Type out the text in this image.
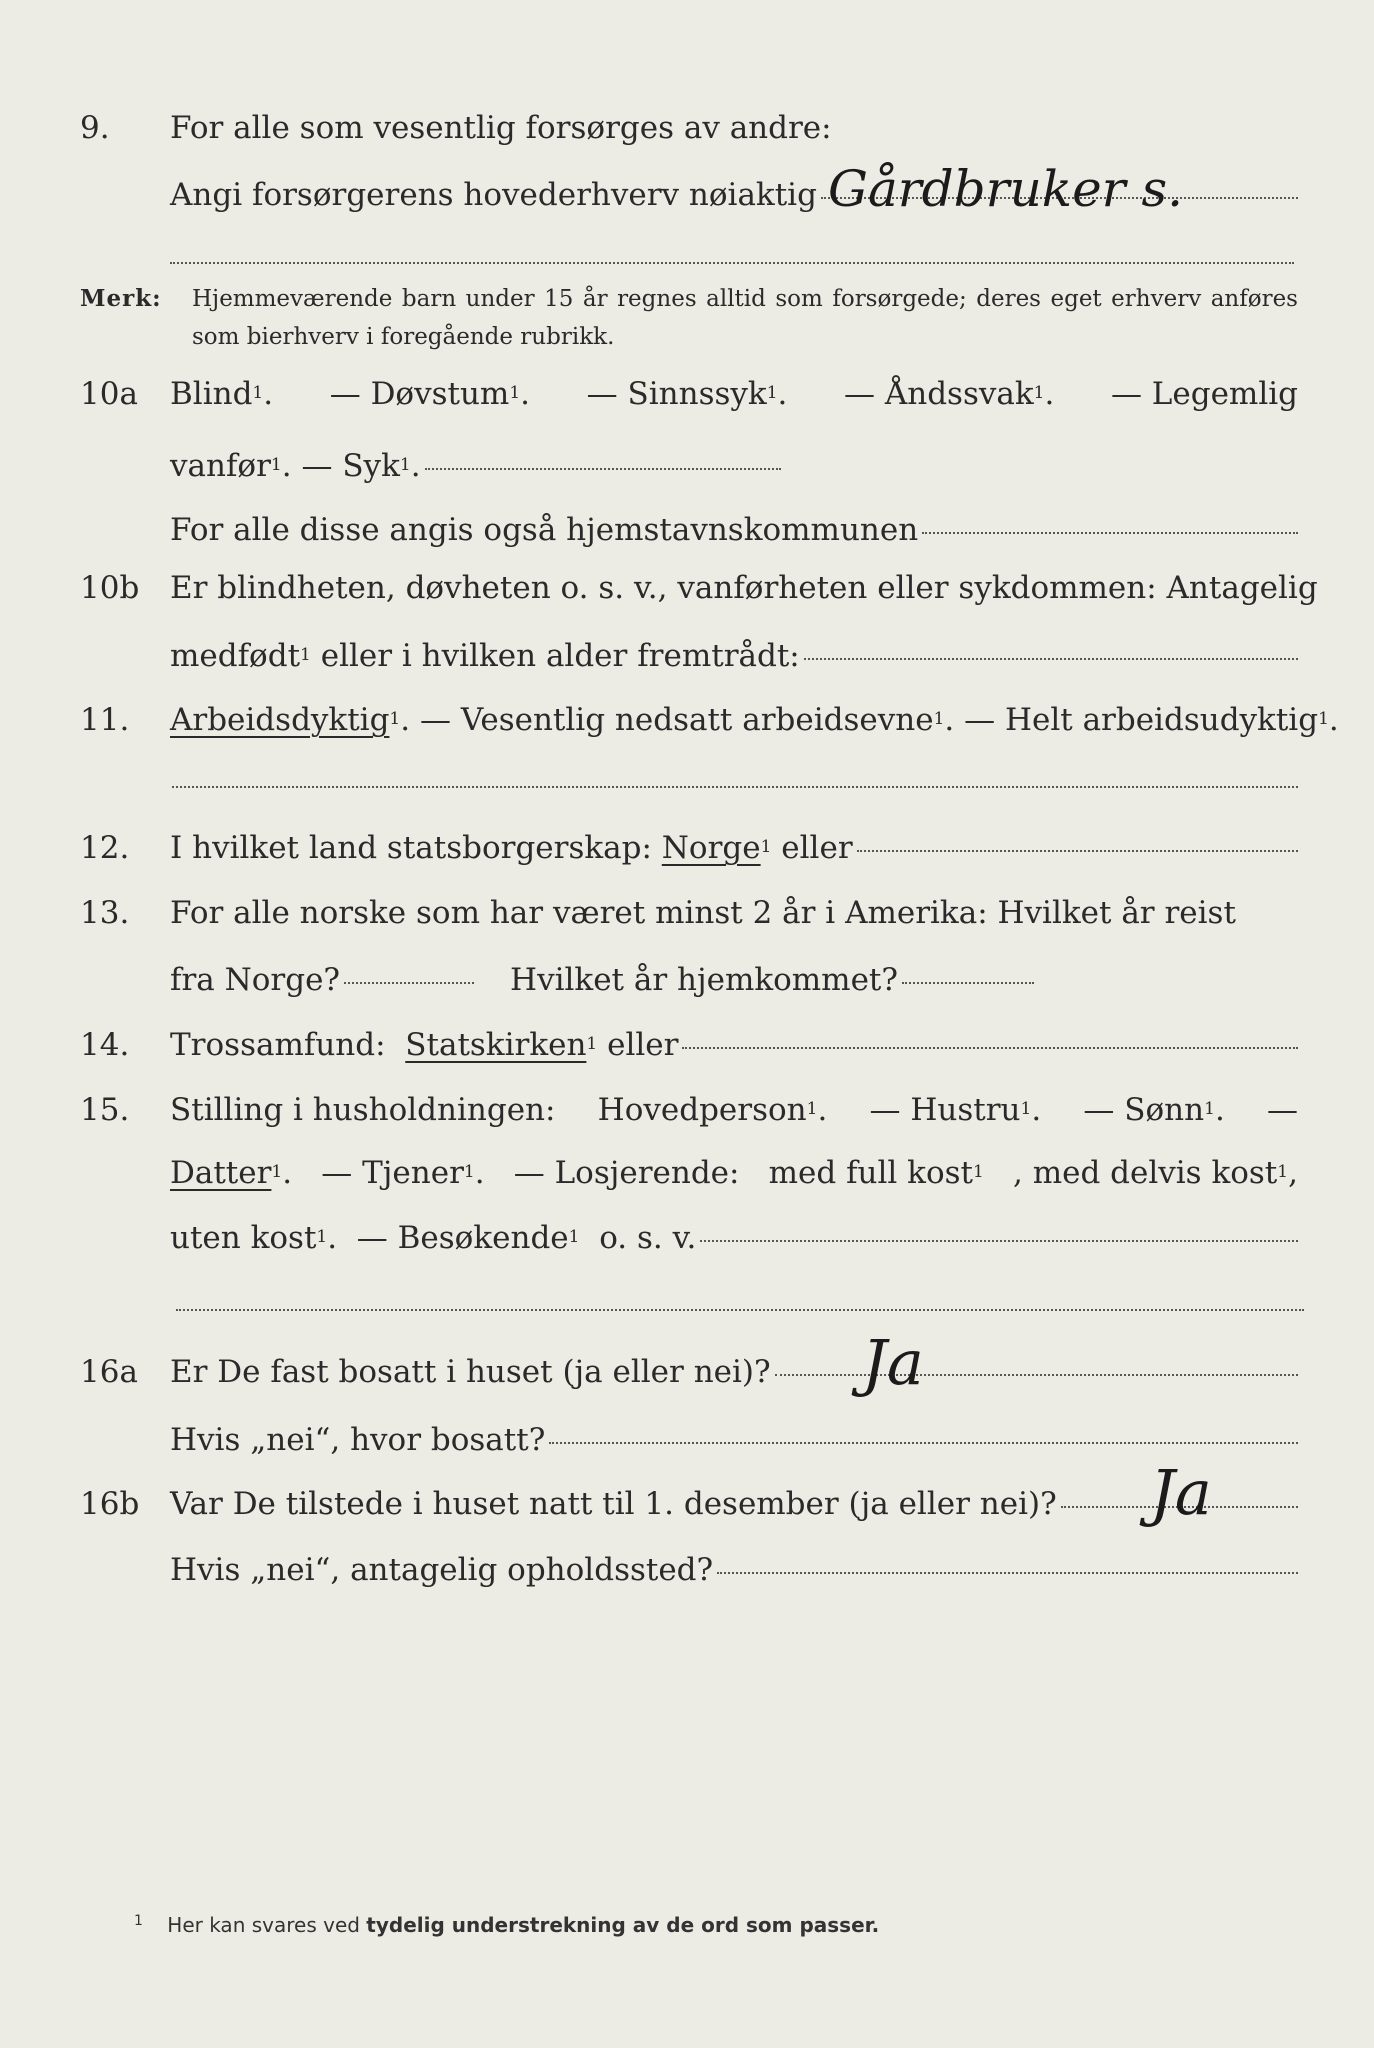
9.	For alle som vesentlig forsørges av andre:
Angi forsørgerens hovederhverv nøiaktig Gårdbruker s.
Merk: Hjemmeværende barn under 15 år regnes alltid som forsørgede; deres eget erhverv anføres som bierhverv i foregående rubrikk.
10a	Blind$^1$. — Døvstum$^1$. — Sinnssyk$^1$. — Åndssvak$^1$. — Legemlig
vanfør$^1$. — Syk$^1$.
For alle disse angis også hjemstavnskommunen
10b Er blindheten, døvheten o. s. v., vanførheten eller sykdommen: Antagelig
medfødt$^1$ eller i hvilken alder fremtrådt:
11.	Arbeidsdyktig$^1$. — Vesentlig nedsatt arbeidsevne$^1$. — Helt arbeidsudyktig$^1$.
12.	I hvilket land statsborgerskap: Norge$^1$ eller
13.	For alle norske som har været minst 2 år i Amerika: Hvilket år reist
fra Norge?	Hvilket år hjemkommet?
14.	Trossamfund: Statskirken$^1$ eller
15.	Stilling i husholdningen: Hovedperson$^1$. — Hustru$^1$. — Sønn$^1$. —
Datter$^1$. — Tjener$^1$. — Losjerende: med full kost$^1$ , med delvis kost$^1$,
uten kost$^1$. — Besøkende$^1$ o. s. v.
16a	Er De fast bosatt i huset (ja eller nei)? Ja
Hvis „nei“, hvor bosatt?
16b Var De tilstede i huset natt til 1. desember (ja eller nei)? Ja
Hvis „nei“, antagelig opholdssted?
$^1$ Her kan svares ved tydelig understrekning av de ord som passer.
